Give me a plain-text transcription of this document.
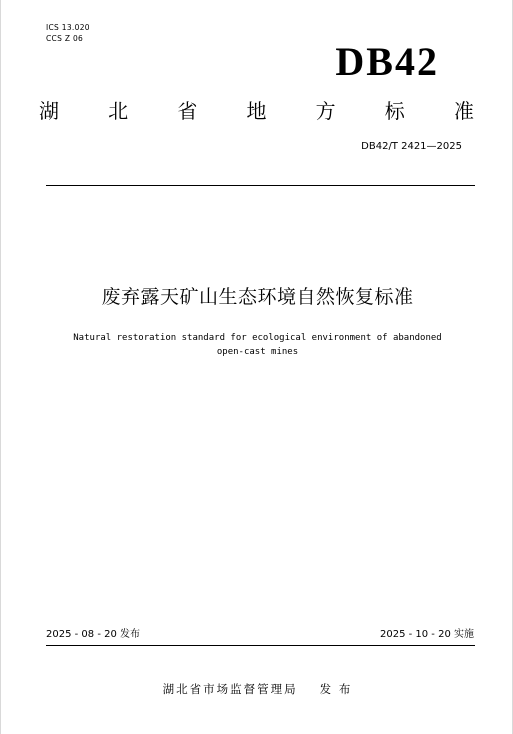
ICS 13.020
CCS Z 06
DB42
湖 北 省 地 方 标 准
DB42/T 2421—2025
废弃露天矿山生态环境自然恢复标准
Natural restoration standard for ecological environment of abandoned
open-cast mines
2025 - 08 - 20 发布	2025 - 10 - 20 实施
湖北省市场监督管理局 发 布
